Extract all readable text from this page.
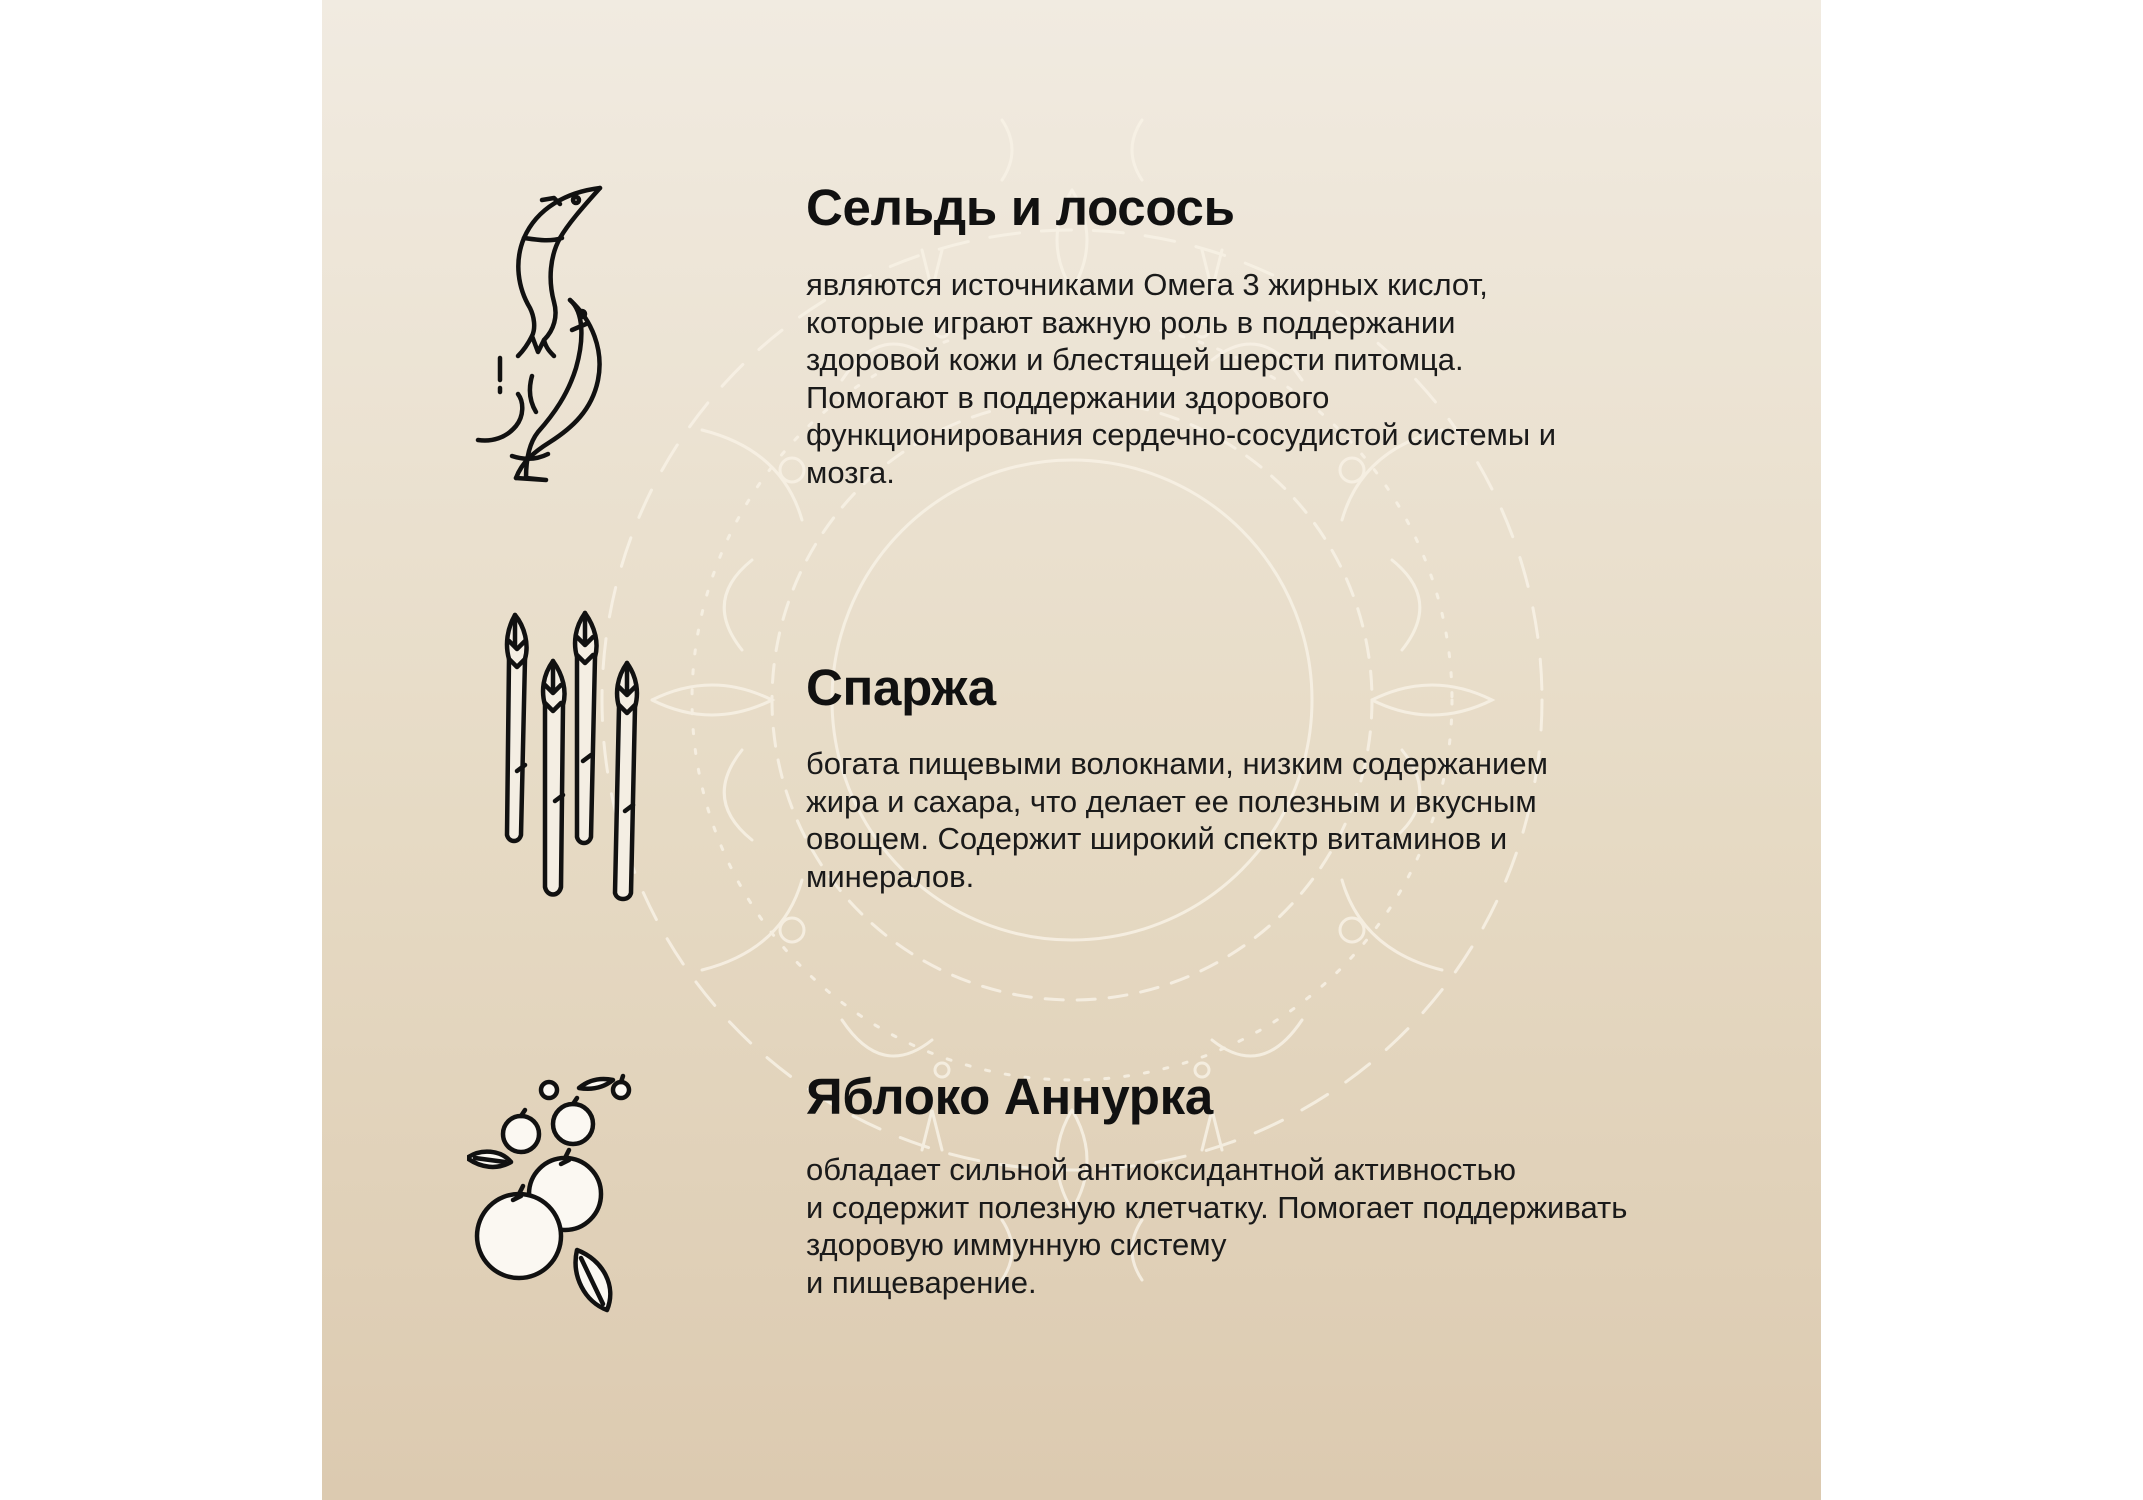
Сельдь и лосось

являются источниками Омега 3 жирных кислот,
которые играют важную роль в поддержании
здоровой кожи и блестящей шерсти питомца.
Помогают в поддержании здорового
функционирования сердечно-сосудистой системы и
мозга.

Спаржа

богата пищевыми волокнами, низким содержанием
жира и сахара, что делает ее полезным и вкусным
овощем. Содержит широкий спектр витаминов и
минералов.

Яблоко Аннурка

обладает сильной антиоксидантной активностью
и содержит полезную клетчатку. Помогает поддерживать
здоровую иммунную систему
и пищеварение.
